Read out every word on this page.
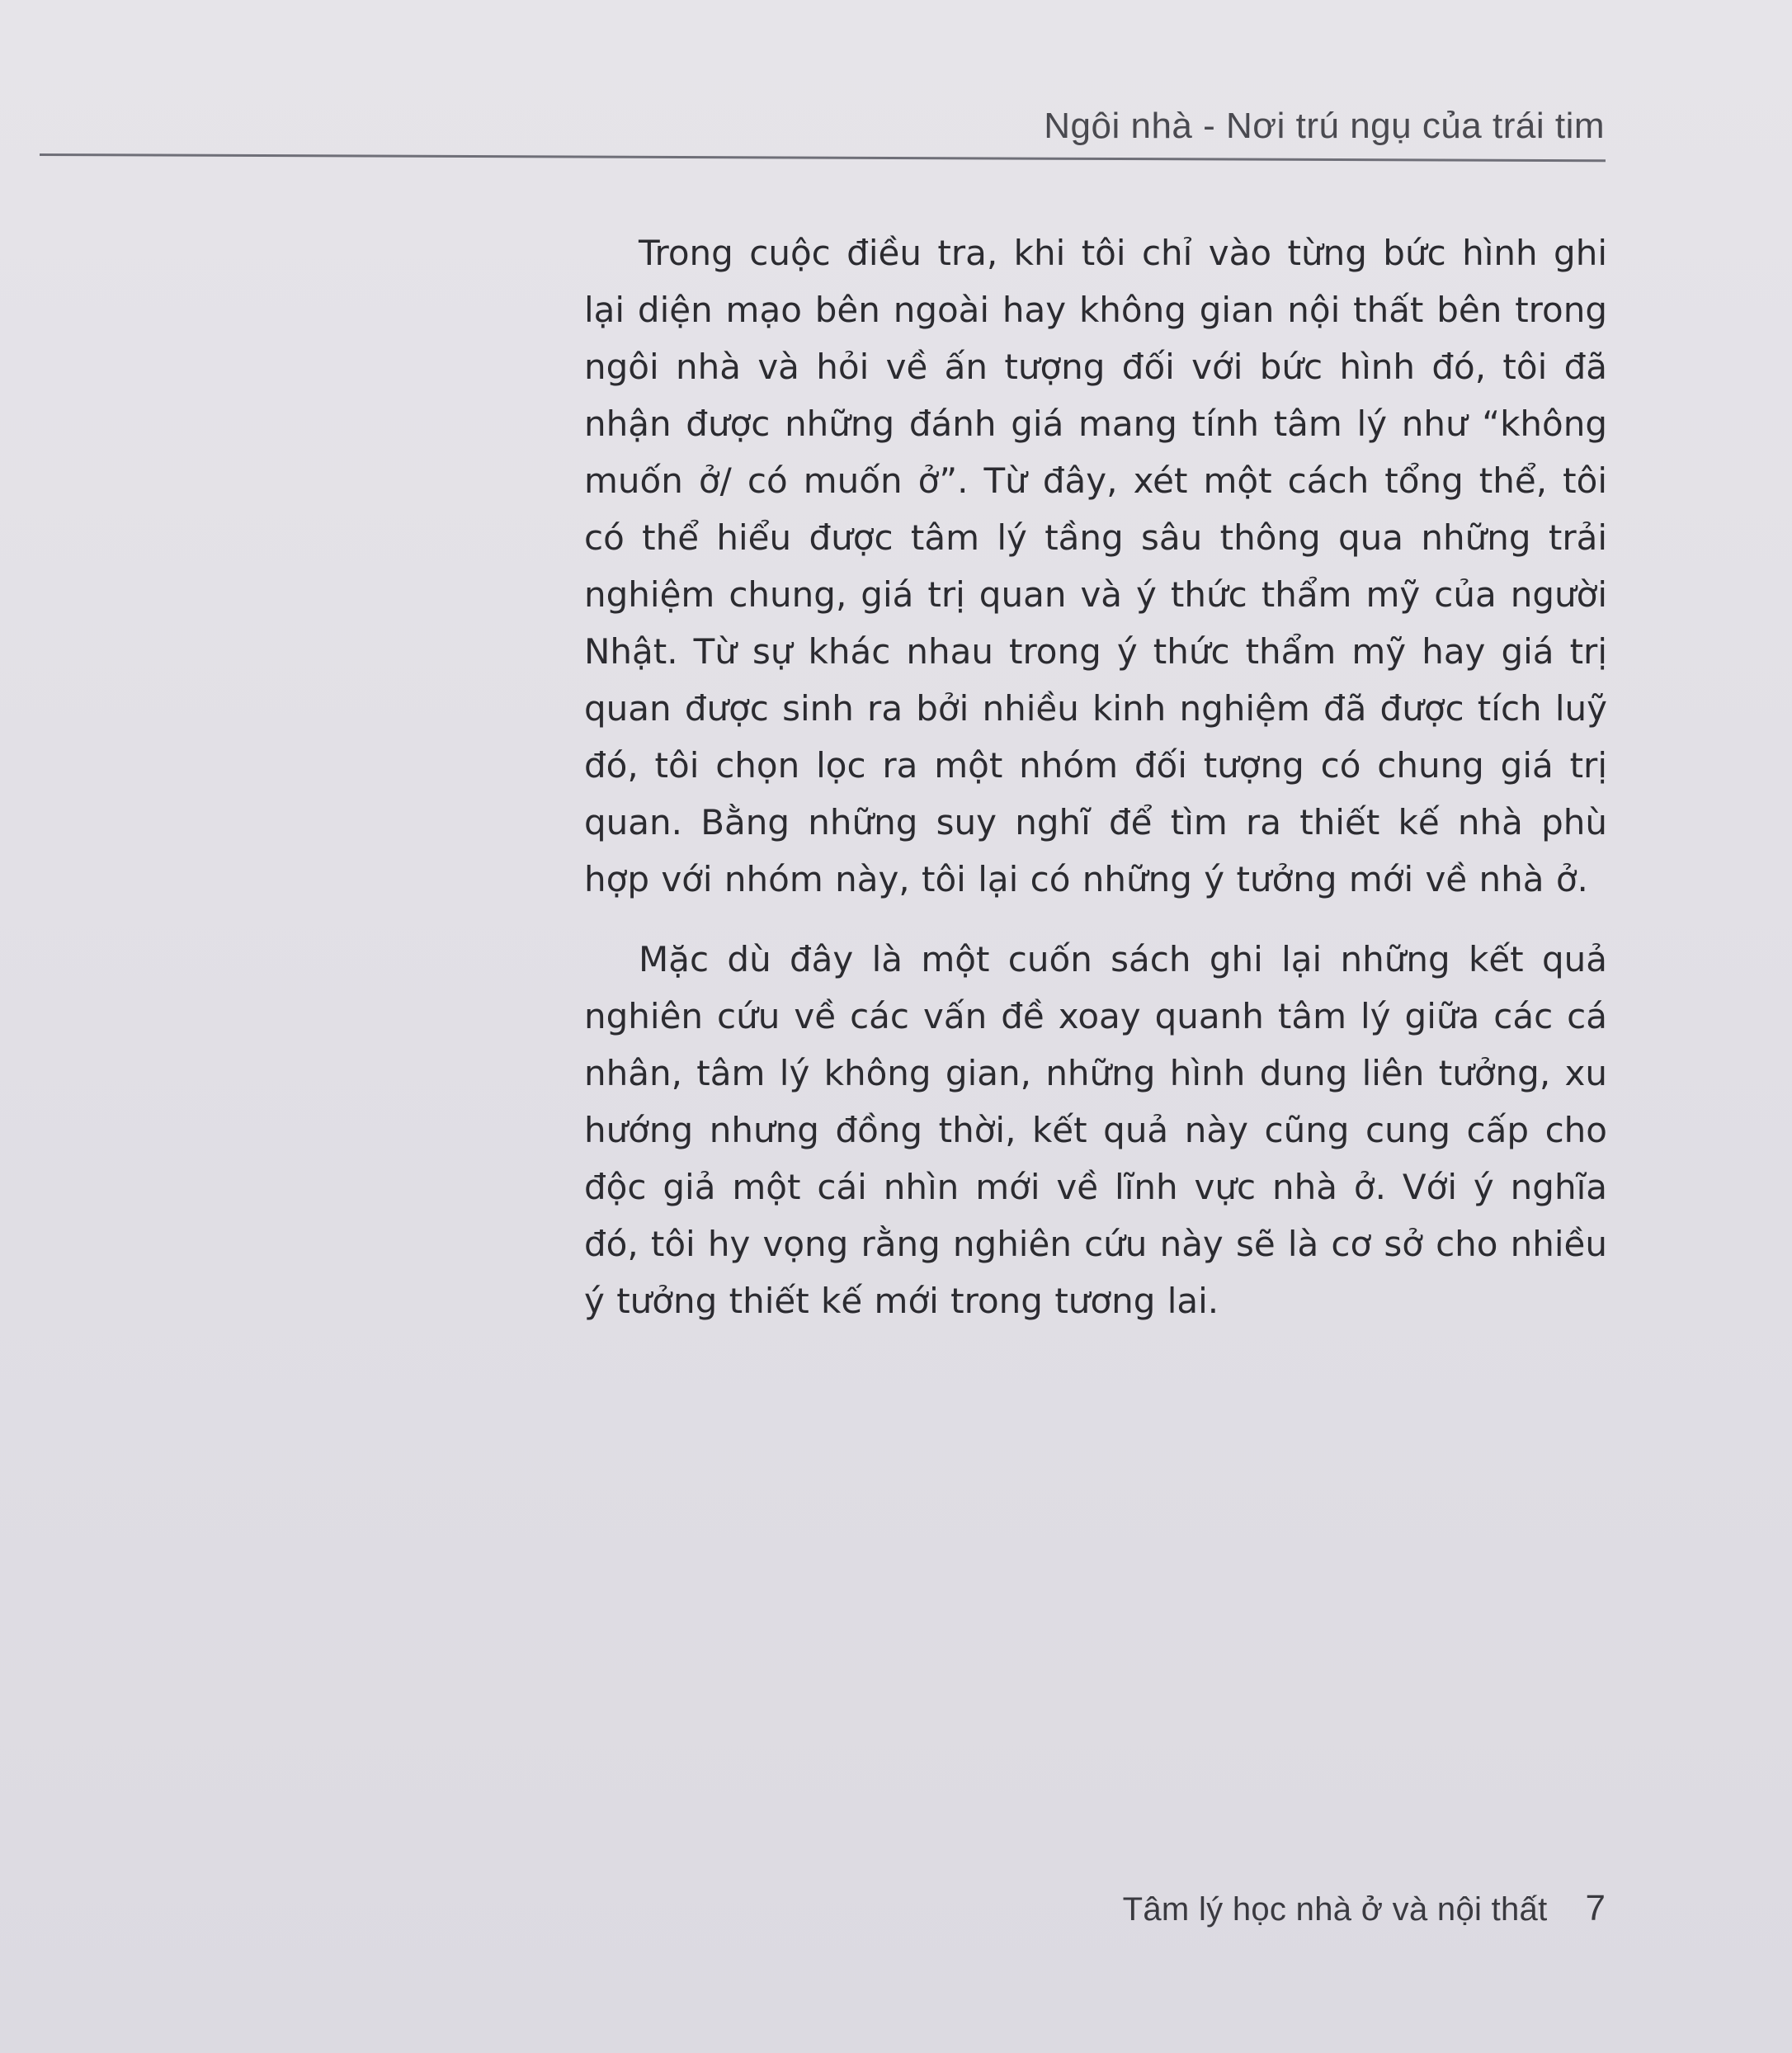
Ngôi nhà - Nơi trú ngụ của trái tim

Trong cuộc điều tra, khi tôi chỉ vào từng bức hình ghi lại diện mạo bên ngoài hay không gian nội thất bên trong ngôi nhà và hỏi về ấn tượng đối với bức hình đó, tôi đã nhận được những đánh giá mang tính tâm lý như “không muốn ở/ có muốn ở”. Từ đây, xét một cách tổng thể, tôi có thể hiểu được tâm lý tầng sâu thông qua những trải nghiệm chung, giá trị quan và ý thức thẩm mỹ của người Nhật. Từ sự khác nhau trong ý thức thẩm mỹ hay giá trị quan được sinh ra bởi nhiều kinh nghiệm đã được tích luỹ đó, tôi chọn lọc ra một nhóm đối tượng có chung giá trị quan. Bằng những suy nghĩ để tìm ra thiết kế nhà phù hợp với nhóm này, tôi lại có những ý tưởng mới về nhà ở.

Mặc dù đây là một cuốn sách ghi lại những kết quả nghiên cứu về các vấn đề xoay quanh tâm lý giữa các cá nhân, tâm lý không gian, những hình dung liên tưởng, xu hướng nhưng đồng thời, kết quả này cũng cung cấp cho độc giả một cái nhìn mới về lĩnh vực nhà ở. Với ý nghĩa đó, tôi hy vọng rằng nghiên cứu này sẽ là cơ sở cho nhiều ý tưởng thiết kế mới trong tương lai.

Tâm lý học nhà ở và nội thất 7
